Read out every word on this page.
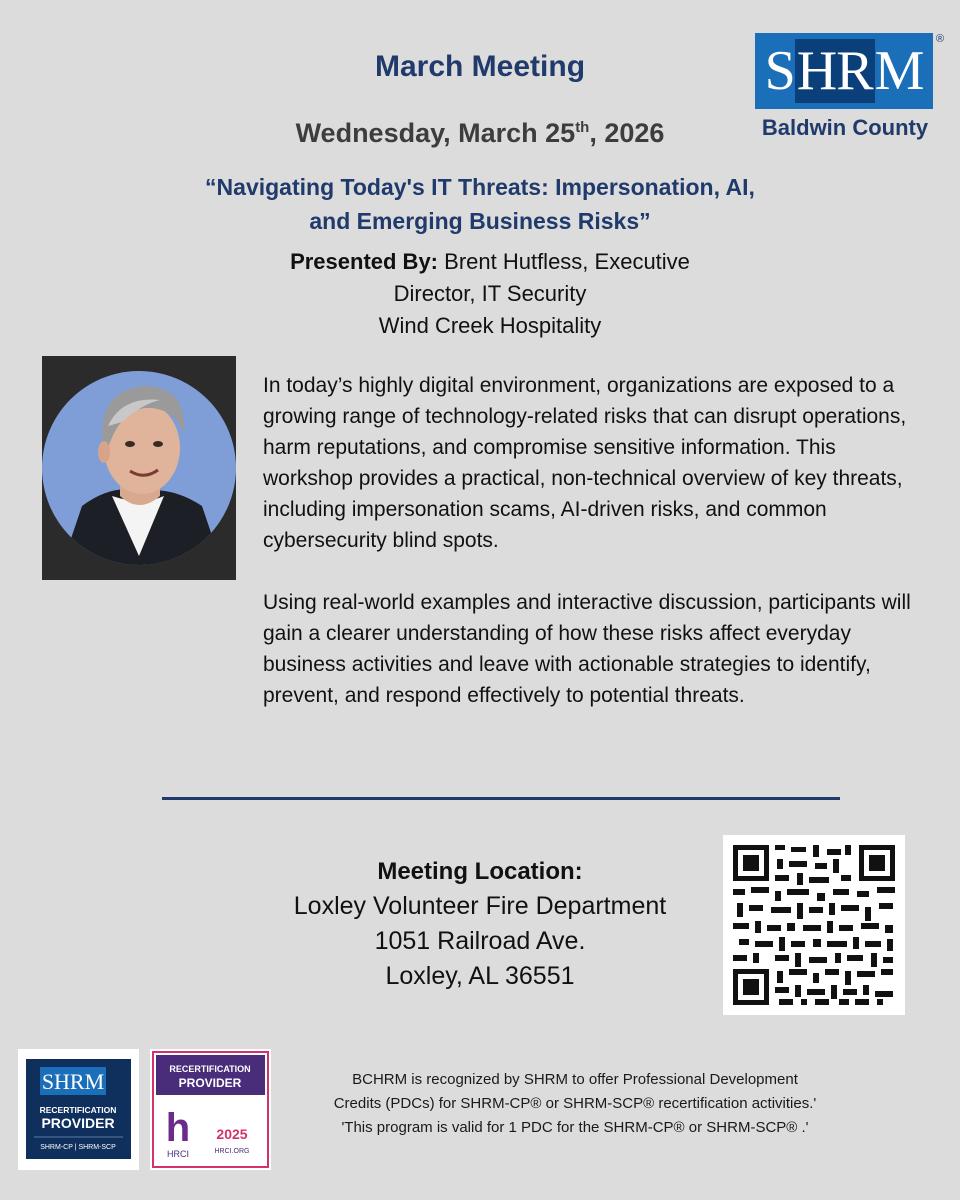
March Meeting
Wednesday, March 25th, 2026
“Navigating Today's IT Threats: Impersonation, AI,
and Emerging Business Risks”
Presented By: Brent Hutfless, Executive
Director, IT Security
Wind Creek Hospitality
S HR M
®
Baldwin County

In today’s highly digital environment, organizations are exposed to a growing range of technology-related risks that can disrupt operations, harm reputations, and compromise sensitive information. This workshop provides a practical, non-technical overview of key threats, including impersonation scams, AI-driven risks, and common cybersecurity blind spots.

Using real-world examples and interactive discussion, participants will gain a clearer understanding of how these risks affect everyday business activities and leave with actionable strategies to identify, prevent, and respond effectively to potential threats.

Meeting Location:
Loxley Volunteer Fire Department
1051 Railroad Ave.
Loxley, AL 36551
SHRM
RECERTIFICATION
PROVIDER
SHRM-CP | SHRM-SCP
RECERTIFICATION
PROVIDER
h
HRCI
2025
HRCI.ORG
BCHRM is recognized by SHRM to offer Professional Development
Credits (PDCs) for SHRM-CP® or SHRM-SCP® recertification activities.'
'This program is valid for 1 PDC for the SHRM-CP® or SHRM-SCP® .'
